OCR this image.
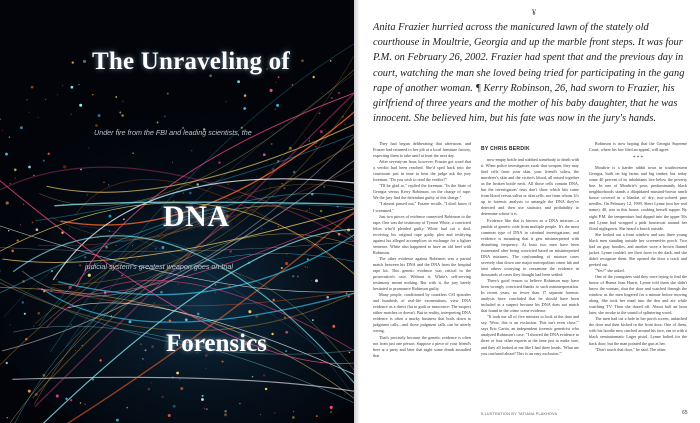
The Unraveling of
Under fire from the FBI and leading scientists, the
DNA
judicial system's greatest weapon goes on trial
Forensics
¥
Anita Frazier hurried across the manicured lawn of the stately old courthouse in Moultrie, Georgia and up the marble front steps. It was four P.M. on February 26, 2002. Frazier had spent that and the previous day in court, watching the man she loved being tried for participating in the gang rape of another woman. ¶ Kerry Robinson, 26, had sworn to Frazier, his girlfriend of three years and the mother of his baby daughter, that he was innocent. She believed him, but his fate was now in the jury's hands.

They had begun deliberating that afternoon, and Frazier had returned to her job at a local furniture factory, expecting them to take until at least the next day.

After seventy-an hour, however, Frazier got word that a verdict had been reached. She'd sped back into the courtroom just in time to hear the judge ask the jury foreman, "Do you wish to read the verdict?"

"I'll be glad to," replied the foreman. "In the State of Georgia versus Kerry Robinson, on the charge of rape: We the jury find the defendant guilty of this charge."

"I almost passed out," Frazier recalls. "I don't know if I screamed."

Just two pieces of evidence connected Robinson to the rape. One was the testimony of Tyrone White, a convicted felon who'd pleaded guilty. White had cut a deal, receiving his original rape guilty plea and testifying against his alleged accomplices in exchange for a lighter sentence. White also happened to have an old beef with Robinson.

The other evidence against Robinson was a partial match between his DNA and the DNA from the hospital rape kit. This genetic evidence was critical to the prosecution's case. Without it, White's self-serving testimony meant nothing. But with it, the jury barely hesitated to pronounce Robinson guilty.

Many people, conditioned by countless CSI episodes and hundreds of real-life exonerations, view DNA evidence as a direct flat to guilt or innocence: The suspect either matches or doesn't. But in reality, interpreting DNA evidence is often a murky business that boils down to judgment calls—and those judgment calls can be utterly wrong.

That's precisely because the genetic evidence is often not from just one person. Suppose a piece of your friend's beer at a party and later that night some drunk assaulted that

BY CHRIS BERDIK

now-empty bottle and stabbed somebody to death with it. When police investigators swab that weapon, they may find cells from your skin, your friend's saliva, the murderer's skin and the victim's blood, all mixed together as the broken bottle neck. All those cells contain DNA, but the investigators' tests don't show which bits came from blood versus saliva or skin cells, nor from whom. It's up to forensic analysts to untangle the DNA they've detected and then use statistics and probability to determine whose it is.

Evidence like that is known as a DNA mixture—a jumble of genetic code from multiple people. It's the most common type of DNA in criminal investigations, and evidence is mounting that it gets misinterpreted with disturbing frequency. At least two men have been exonerated after being convicted based on misinterpreted DNA mixtures. The confounding of mixture cases severely shut down one major metropolitan crime lab and sent others scurrying to reexamine the evidence in thousands of cases they thought had been settled.

There's good reason to believe Robinson may have been wrongly convicted thanks to such misinterpretation. In recent years, no fewer than 17 separate forensic analysts have concluded that he should have been included as a suspect because his DNA does not match that found in the crime scene evidence.

"It took me all of five minutes to look at the data and say, 'Wow, this is an exclusion. This isn't even close,'" says Eric Carita, an independent forensic geneticist who analyzed Robinson's case. "I showed the DNA evidence to three or four other experts at the time just to make sure, and they all looked at me like I had three heads. 'What are you confused about? This is an easy exclusion.'"

Robinson is now hoping that the Georgia Supreme Court, where his law filed an appeal, will agree.

* * *

Moultrie is a harder rabbit town in southwestern Georgia, built on big farms and big timber, but today some 40 percent of its inhabitants live below the poverty line. In one of Moultrie's poor, predominantly black neighborhoods stands a dilapidated mustard-brown ranch house covered in a blanket of dry, rust-colored pine needles. On February 12, 1999, Sheri Lynne (not her real name), 40, was in this house, cooking herself supper. By eight P.M. the temperature had dipped into the upper 50s and Lynne had wrapped a pink housecoat around her floral nightgown. She heard a knock outside.

She looked out a front window and saw three young black men standing outside her screened-in porch. Two had on gray hoodies, and another wore a brown flannel jacket. Lynne couldn't see their faces in the dark, and she didn't recognize them. She opened the door a crack and peeked out.

"Yes?" she asked.

One of the youngsters said they were trying to find the house of Buena Jean Harris. Lynne told them she didn't know the woman, shut the door and watched through the window as the men lingered for a minute before moving along. She took her meal into the den and ate while watching TV. Then she dozed off. About half an hour later, she awoke to the sound of splintering wood.

The men had cut a hole in her porch screen, unlatched the door and then kicked in the front door. One of them, with his hoodie now cinched around his face, ran in with a black semiautomatic Luger pistol. Lynne bolted for the back door, but the man pointed the gun at her.

"Don't touch that door," he said. The other

ILLUSTRATION BY TATIANA PLAKHOVA	65
